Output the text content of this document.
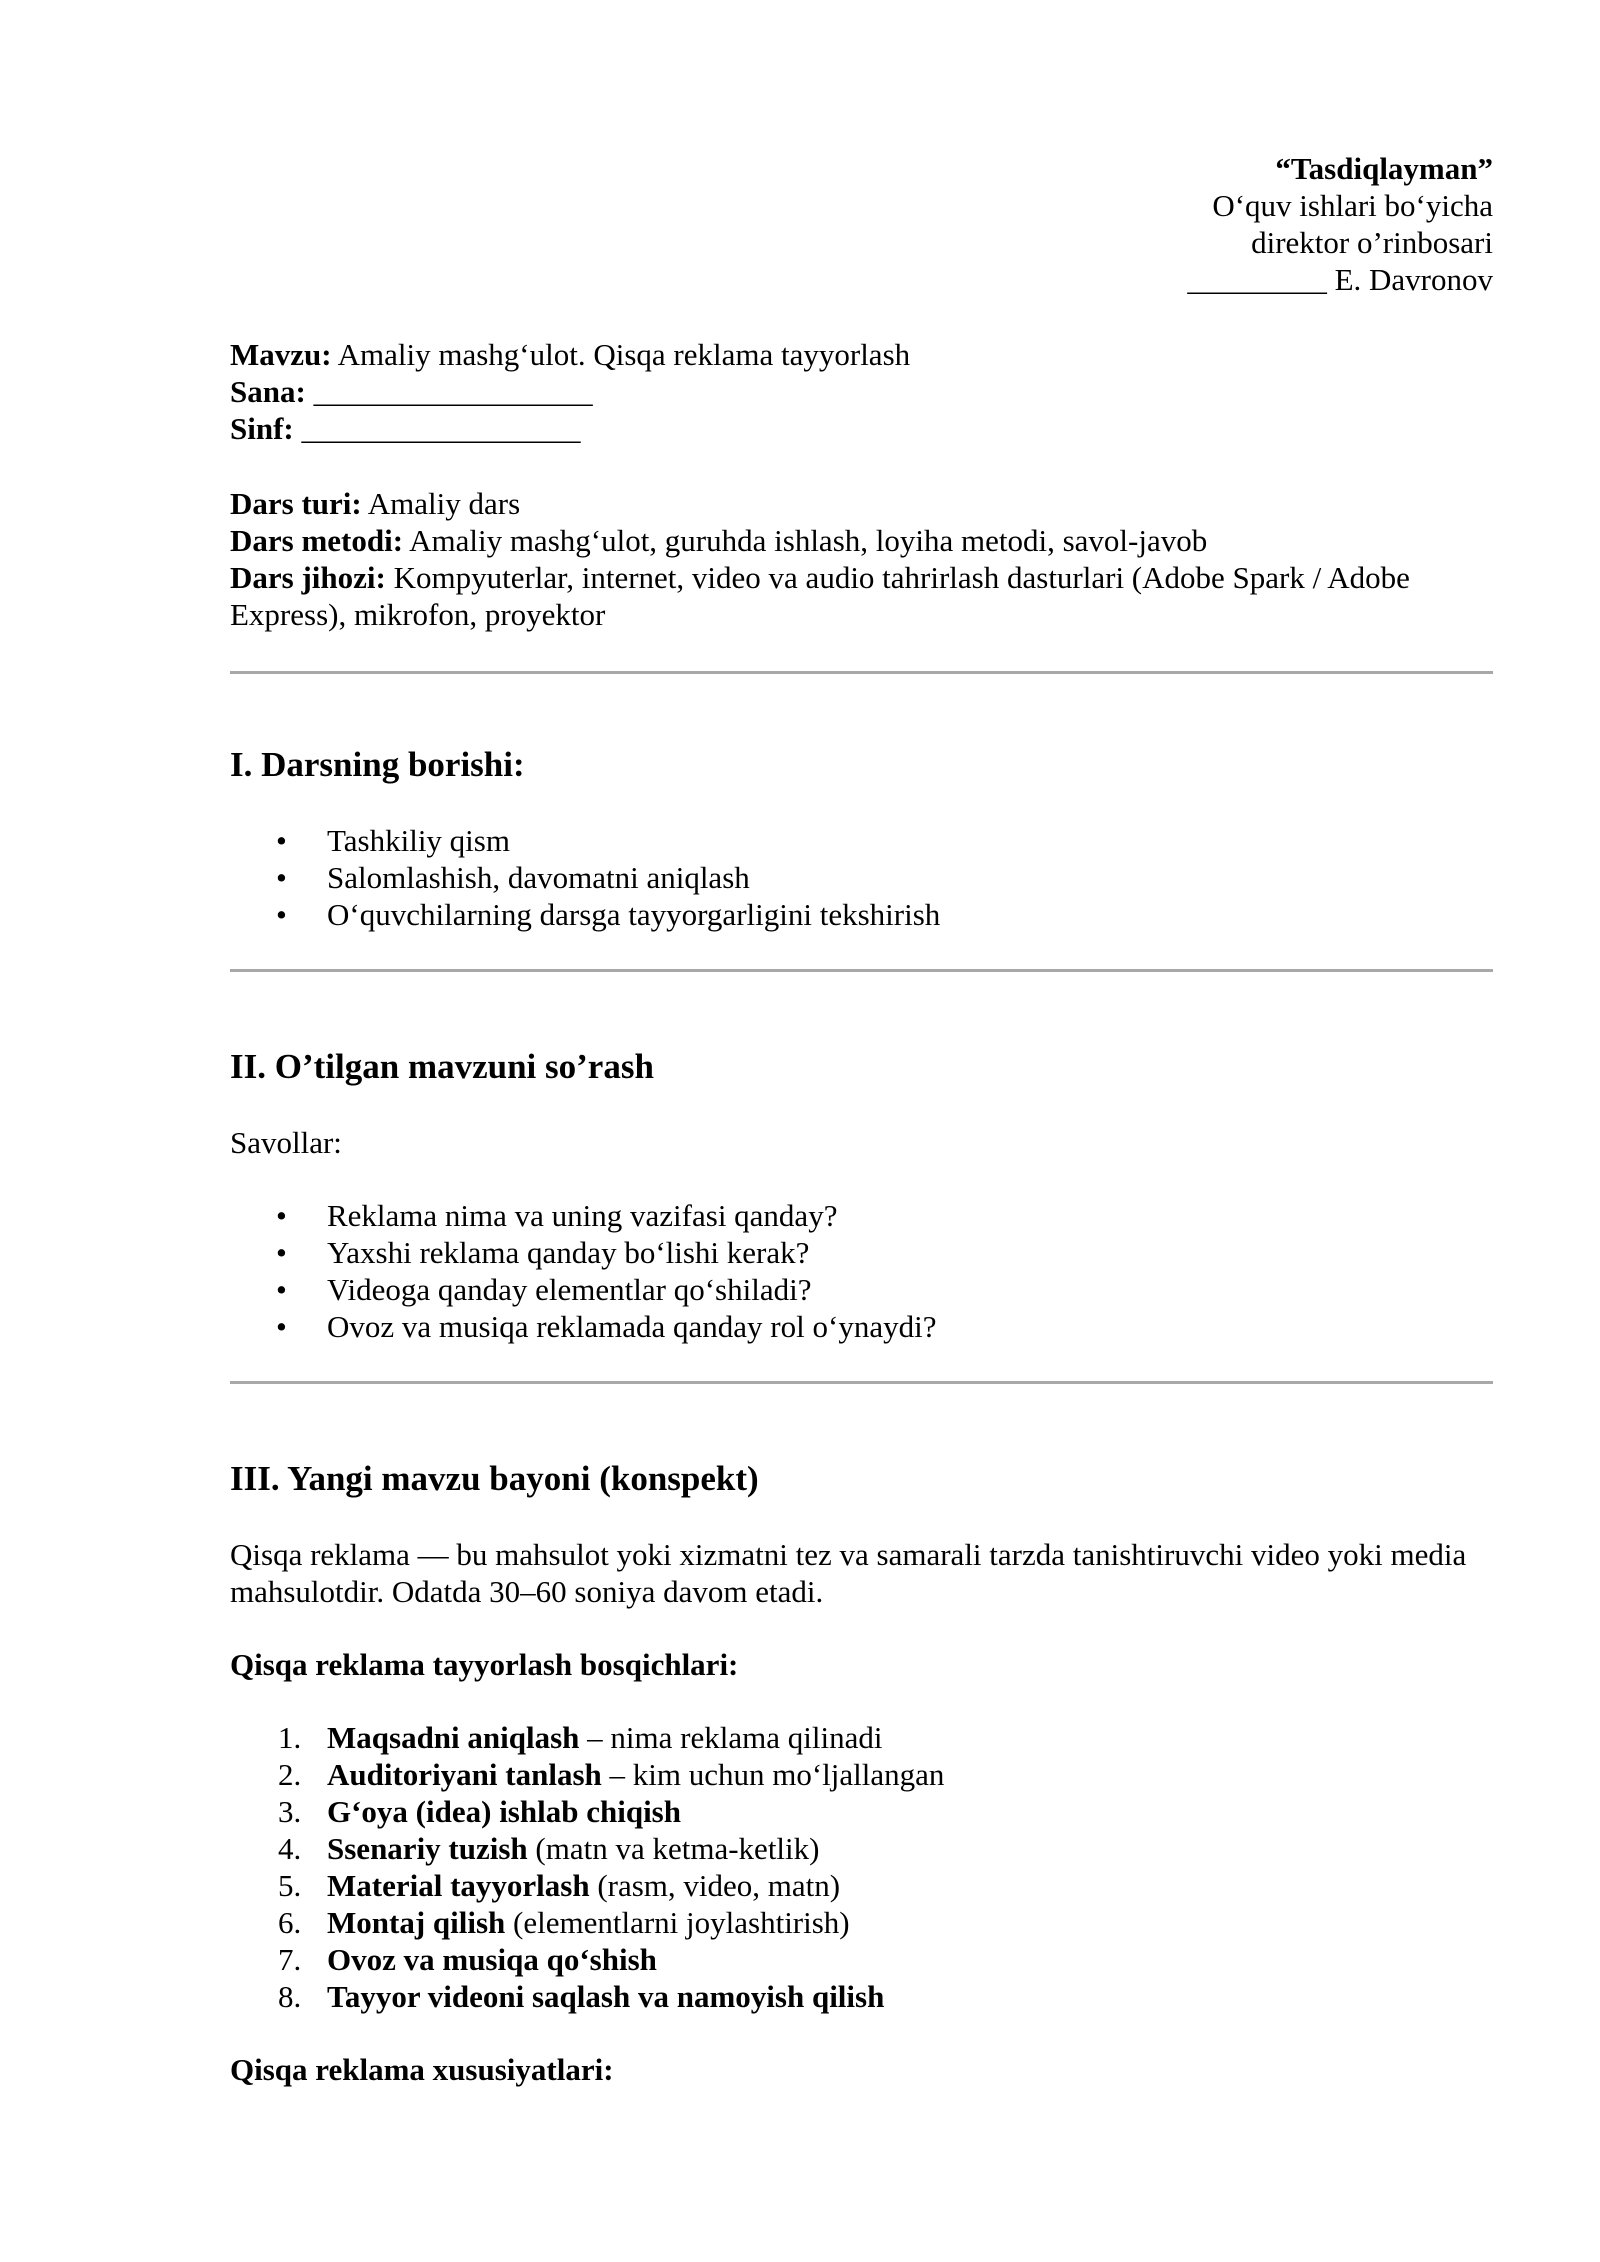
“Tasdiqlayman”
O‘quv ishlari bo‘yicha
direktor o’rinbosari
_________ E. Davronov
Mavzu: Amaliy mashg‘ulot. Qisqa reklama tayyorlash
Sana: __________________
Sinf: __________________
Dars turi: Amaliy dars
Dars metodi: Amaliy mashg‘ulot, guruhda ishlash, loyiha metodi, savol-javob
Dars jihozi: Kompyuterlar, internet, video va audio tahrirlash dasturlari (Adobe Spark / Adobe Express), mikrofon, proyektor
I. Darsning borishi:
• Tashkiliy qism
• Salomlashish, davomatni aniqlash
• O‘quvchilarning darsga tayyorgarligini tekshirish
II. O’tilgan mavzuni so’rash
Savollar:
• Reklama nima va uning vazifasi qanday?
• Yaxshi reklama qanday bo‘lishi kerak?
• Videoga qanday elementlar qo‘shiladi?
• Ovoz va musiqa reklamada qanday rol o‘ynaydi?
III. Yangi mavzu bayoni (konspekt)
Qisqa reklama — bu mahsulot yoki xizmatni tez va samarali tarzda tanishtiruvchi video yoki media mahsulotdir. Odatda 30–60 soniya davom etadi.
Qisqa reklama tayyorlash bosqichlari:
1. Maqsadni aniqlash – nima reklama qilinadi
2. Auditoriyani tanlash – kim uchun mo‘ljallangan
3. G‘oya (idea) ishlab chiqish
4. Ssenariy tuzish (matn va ketma-ketlik)
5. Material tayyorlash (rasm, video, matn)
6. Montaj qilish (elementlarni joylashtirish)
7. Ovoz va musiqa qo‘shish
8. Tayyor videoni saqlash va namoyish qilish
Qisqa reklama xususiyatlari:
